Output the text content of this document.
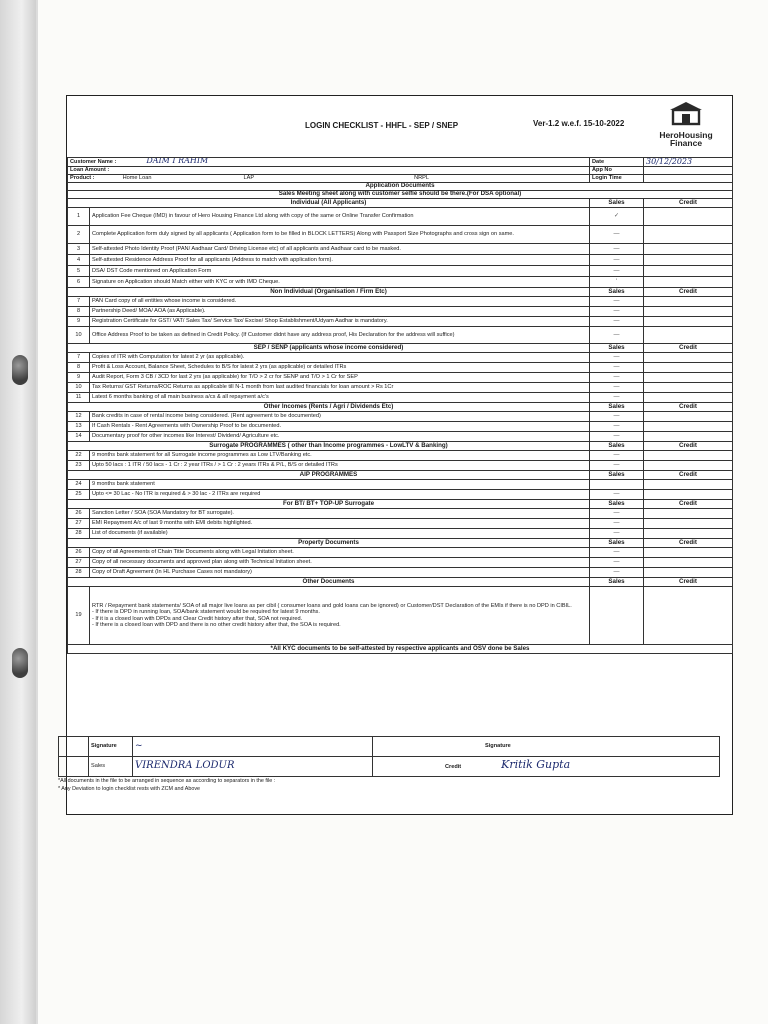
LOGIN CHECKLIST - HHFL - SEP / SNEP	Ver-1.2 w.e.f. 15-10-2022
Customer Name : DAIM I RAHIM		Date	30/12/2023
Loan Amount :		App No	
Product : Home Loan LAP NRPL		Login Time	
Application Documents			
Sales Meeting sheet along with customer selfie should be there.(For DSA optional)			
Individual (All Applicants)		Sales	Credit
1	Application Fee Cheque (IMD) in favour of Hero Housing Finance Ltd along with copy of the same or Online Transfer Confirmation	✓	
2	Complete Application form duly signed by all applicants ( Application form to be filled in BLOCK LETTERS) Along with Passport Size Photographs and cross sign on same.	—	
3	Self-attested Photo Identity Proof (PAN/ Aadhaar Card/ Driving License etc) of all applicants and Aadhaar card to be masked.	—	
4	Self-attested Residence Address Proof for all applicants (Address to match with application form).	—	
5	DSA/ DST Code mentioned on Application Form	—	
6	Signature on Application should Match either with KYC or with IMD Cheque.	'	
Non Individual (Organisation / Firm Etc)		Sales	Credit
7	PAN Card copy of all entities whose income is considered.	—	
8	Partnership Deed/ MOA/ AOA (as Applicable).	—	
9	Registration Certificate for GST/ VAT/ Sales Tax/ Service Tax/ Excise/ Shop Establishment/Udyam Aadhar is mandatory.	—	
10	Office Address Proof to be taken as defined in Credit Policy. (If Customer didnt have any address proof, His Declaration for the address will suffice)	—	
SEP / SENP (applicants whose income considered)		Sales	Credit
7	Copies of ITR with Computation for latest 2 yr (as applicable).	—	
8	Profit & Loss Account, Balance Sheet, Schedules to B/S for latest 2 yrs (as applicable) or detailed ITRs	—	
9	Audit Report, Form 3 CB / 3CD for last 2 yrs (as applicable) for T/O > 2 cr for SENP and T/O > 1 Cr for SEP	—	
10	Tax Returns/ GST Returns/ROC Returns as applicable till N-1 month from last audited financials for loan amount > Rs 1Cr	—	
11	Latest 6 months banking of all main business a/cs & all repayment a/c's	—	
Other Incomes (Rents / Agri / Dividends Etc)		Sales	Credit
12	Bank credits in case of rental income being considered. (Rent agreement to be documented)	—	
13	If Cash Rentals - Rent Agreements with Ownership Proof to be documented.	—	
14	Documentary proof for other incomes like Interest/ Dividend/ Agriculture etc.	—	
Surrogate PROGRAMMES ( other than Income programmes - LowLTV & Banking)		Sales	Credit
22	9 months bank statement for all Surrogate income programmes as Low LTV/Banking etc.	—	
23	Upto 50 lacs : 1 ITR / 50 lacs - 1 Cr : 2 year ITRs / > 1 Cr : 2 years ITRs & P/L, B/S or detailed ITRs	—	
AIP PROGRAMMES		Sales	Credit
24	9 months bank statement		
25	Upto <= 30 Lac - No ITR is required & > 30 lac - 2 ITRs are required	—	
For BT/ BT+ TOP-UP Surrogate		Sales	Credit
26	Sanction Letter / SOA (SOA Mandatory for BT surrogate).	—	
27	EMI Repayment A/c of last 9 months with EMI debits highlighted.	—	
28	List of documents (if available)	—	
Property Documents		Sales	Credit
26	Copy of all Agreements of Chain Title Documents along with Legal Initation sheet.	—	
27	Copy of all necessary documents and approved plan along with Technical Initation sheet.	—	
28	Copy of Draft Agreement (In HL Purchase Cases not mandatory)	—	
Other Documents		Sales	Credit
19	RTR / Repayment bank statements/ SOA of all major live loans as per cibil ( consumer loans and gold loans can be ignored) or Customer/DST Declaration of the EMIs if there is no DPD in CIBIL.
- If there is DPD in running loan, SOA/bank statement would be required for latest 9 months.
- If it is a closed loan with DPDs and Clear Credit history after that, SOA not required.
- If there is a closed loan with DPD and there is no other credit history after that, the SOA is required.		
*All KYC documents to be self-attested by respective applicants and OSV done be Sales			
HeroHousing
Finance
	Signature	~	Signature
	Sales	VIRENDRA LODUR	Credit Kritik Gupta
*All documents in the file to be arranged in sequence as according to separators in the file :
* Any Deviation to login checklist rests with ZCM and Above
